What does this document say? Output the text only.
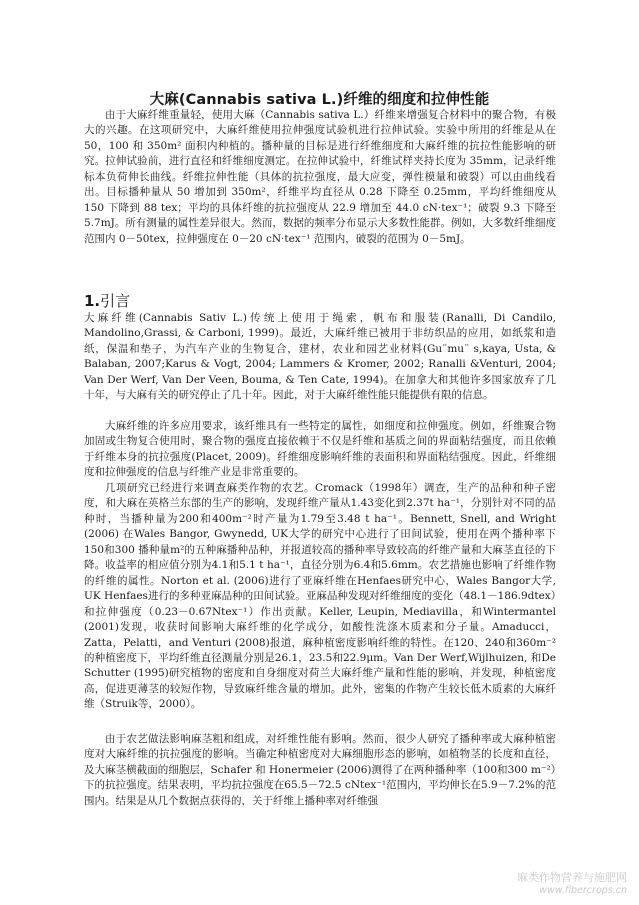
大麻(Cannabis sativa L.)纤维的细度和拉伸性能

由于大麻纤维重量轻，使用大麻（Cannabis sativa L.）纤维来增强复合材料中的聚合物，有极大的兴趣。在这项研究中，大麻纤维使用拉伸强度试验机进行拉伸试验。实验中所用的纤维是从在 50，100 和 350m² 面积内种植的。播种量的目标是进行纤维细度和大麻纤维的抗拉性能影响的研究。拉伸试验前，进行直径和纤维细度测定。在拉伸试验中，纤维试样夹持长度为 35mm，记录纤维标本负荷伸长曲线。纤维拉伸性能（具体的抗拉强度，最大应变，弹性模量和破裂）可以由曲线看出。目标播种量从 50 增加到 350m²，纤维平均直径从 0.28 下降至 0.25mm，平均纤维细度从 150 下降到 88 tex；平均的具体纤维的抗拉强度从 22.9 增加至 44.0 cN·tex⁻¹；破裂 9.3 下降至 5.7mJ。所有测量的属性差异很大。然而，数据的频率分布显示大多数性能群。例如，大多数纤维细度范围内 0－50tex，拉伸强度在 0－20 cN·tex⁻¹ 范围内，破裂的范围为 0－5mJ。

1.引言

大麻纤维(Cannabis Sativ L.)传统上使用于绳索，帆布和服装(Ranalli, Di Candilo, Mandolino,Grassi, & Carboni, 1999)。最近，大麻纤维已被用于非纺织品的应用，如纸浆和造纸，保温和垫子，为汽车产业的生物复合，建材，农业和园艺业材料(Gu¨mu¨ s,kaya, Usta, & Balaban, 2007;Karus & Vogt, 2004; Lammers & Kromer, 2002; Ranalli &Venturi, 2004; Van Der Werf, Van Der Veen, Bouma, & Ten Cate, 1994)。在加拿大和其他许多国家放弃了几十年，与大麻有关的研究停止了几十年。因此，对于大麻纤维性能只能提供有限的信息。

大麻纤维的许多应用要求，该纤维具有一些特定的属性，如细度和拉伸强度。例如，纤维聚合物加固或生物复合使用时，聚合物的强度直接依赖于不仅是纤维和基质之间的界面粘结强度，而且依赖于纤维本身的抗拉强度(Placet, 2009)。纤维细度影响纤维的表面积和界面粘结强度。因此，纤维细度和拉伸强度的信息与纤维产业是非常重要的。

几项研究已经进行来调查麻类作物的农艺。Cromack（1998年）调查，生产的品种和种子密度，和大麻在英格兰东部的生产的影响，发现纤维产量从1.43变化到2.37t ha⁻¹，分别针对不同的品种时，当播种量为200和400m⁻²时产量为1.79至3.48 t ha⁻¹。Bennett, Snell, and Wright (2006) 在Wales Bangor, Gwynedd, UK大学的研究中心进行了田间试验，使用在两个播种率下150和300 播种量m²的五种麻播种品种，并报道较高的播种率导致较高的纤维产量和大麻茎直径的下降。收益率的相应值分别为4.1和5.1 t ha⁻¹，直径分别为6.4和5.6mm。农艺措施也影响了纤维作物的纤维的属性。Norton et al. (2006)进行了亚麻纤维在Henfaes研究中心，Wales Bangor大学, UK Henfaes进行的多种亚麻品种的田间试验。亚麻品种发现对纤维细度的变化（48.1－186.9dtex）和拉伸强度（0.23－0.67Ntex⁻¹）作出贡献。Keller, Leupin, Mediavilla，和Wintermantel (2001)发现，收获时间影响大麻纤维的化学成分，如酸性洗涤木质素和分子量。Amaducci，Zatta，Pelatti，and Venturi (2008)报道，麻种植密度影响纤维的特性。在120、240和360m⁻²的种植密度下，平均纤维直径测量分别是26.1，23.5和22.9μm。Van Der Werf,Wijlhuizen, 和De Schutter (1995)研究植物的密度和自身细度对荷兰大麻纤维产量和性能的影响，并发现，种植密度高，促进更薄茎的较短作物，导致麻纤维含量的增加。此外，密集的作物产生较长低木质素的大麻纤维（Struik等，2000）。

由于农艺做法影响麻茎粗和组成，对纤维性能有影响。然而，很少人研究了播种率或大麻种植密度对大麻纤维的抗拉强度的影响。当确定种植密度对大麻细胞形态的影响，如植物茎的长度和直径，及大麻茎横截面的细胞层，Schafer 和 Honermeier (2006)测得了在两种播种率（100和300 m⁻²）下的抗拉强度。结果表明，平均抗拉强度在65.5－72.5 cNtex⁻¹范围内，平均伸长在5.9－7.2%的范围内。结果是从几个数据点获得的，关于纤维上播种率对纤维强

麻类作物营养与施肥网
www.fibercrops.cn
